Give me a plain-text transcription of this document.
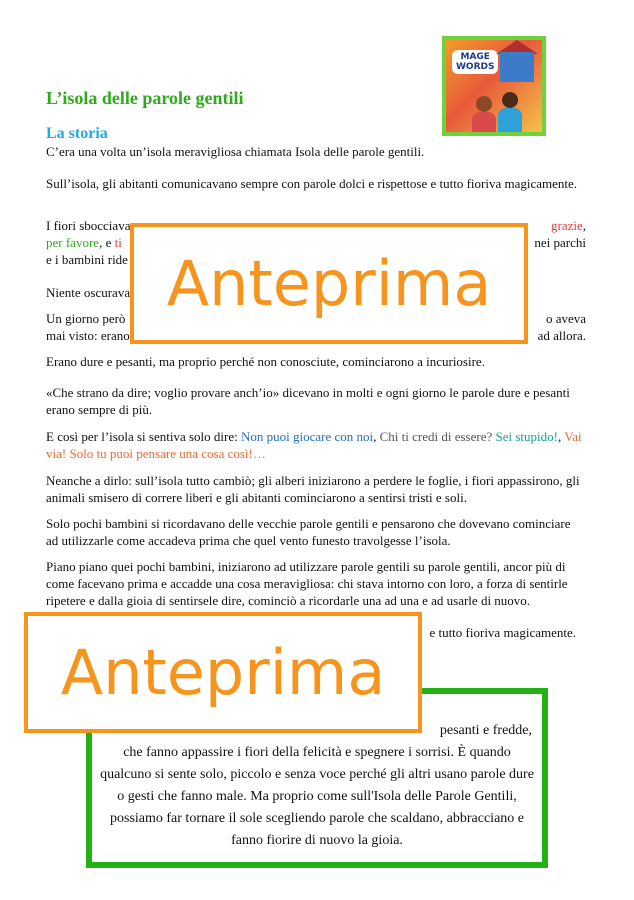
L’isola delle parole gentili
MAGE
WORDS
La storia

C’era una volta un’isola meravigliosa chiamata Isola delle parole gentili.

Sull’isola, gli abitanti comunicavano sempre con parole dolci e rispettose e tutto fioriva magicamente.

I fiori sbocciava	grazie,

per favore, e ti	nei parchi

e i bambini ride

Niente oscurava

Un giorno però	o aveva

mai visto: erano	ad allora.

Erano dure e pesanti, ma proprio perché non conosciute, cominciarono a incuriosire.

«Che strano da dire; voglio provare anch’io» dicevano in molti e ogni giorno le parole dure e pesanti erano sempre di più.

E così per l’isola si sentiva solo dire: Non puoi giocare con noi, Chi ti credi di essere? Sei stupido!, Vai via! Solo tu puoi pensare una cosa così!…

Neanche a dirlo: sull’isola tutto cambiò; gli alberi iniziarono a perdere le foglie, i fiori appassirono, gli animali smisero di correre liberi e gli abitanti cominciarono a sentirsi tristi e soli.

Solo pochi bambini si ricordavano delle vecchie parole gentili e pensarono che dovevano cominciare ad utilizzarle come accadeva prima che quel vento funesto travolgesse l’isola.

Piano piano quei pochi bambini, iniziarono ad utilizzare parole gentili su parole gentili, ancor più di come facevano prima e accadde una cosa meravigliosa: chi stava intorno con loro, a forza di sentirle ripetere e dalla gioia di sentirsele dire, cominciò a ricordarle una ad una e ad usarle di nuovo.

e tutto fioriva magicamente.

pesanti e fredde,
che fanno appassire i fiori della felicità e spegnere i sorrisi. È quando qualcuno si sente solo, piccolo e senza voce perché gli altri usano parole dure o gesti che fanno male. Ma proprio come sull'Isola delle Parole Gentili, possiamo far tornare il sole scegliendo parole che scaldano, abbracciano e fanno fiorire di nuovo la gioia.

Anteprima
Anteprima
